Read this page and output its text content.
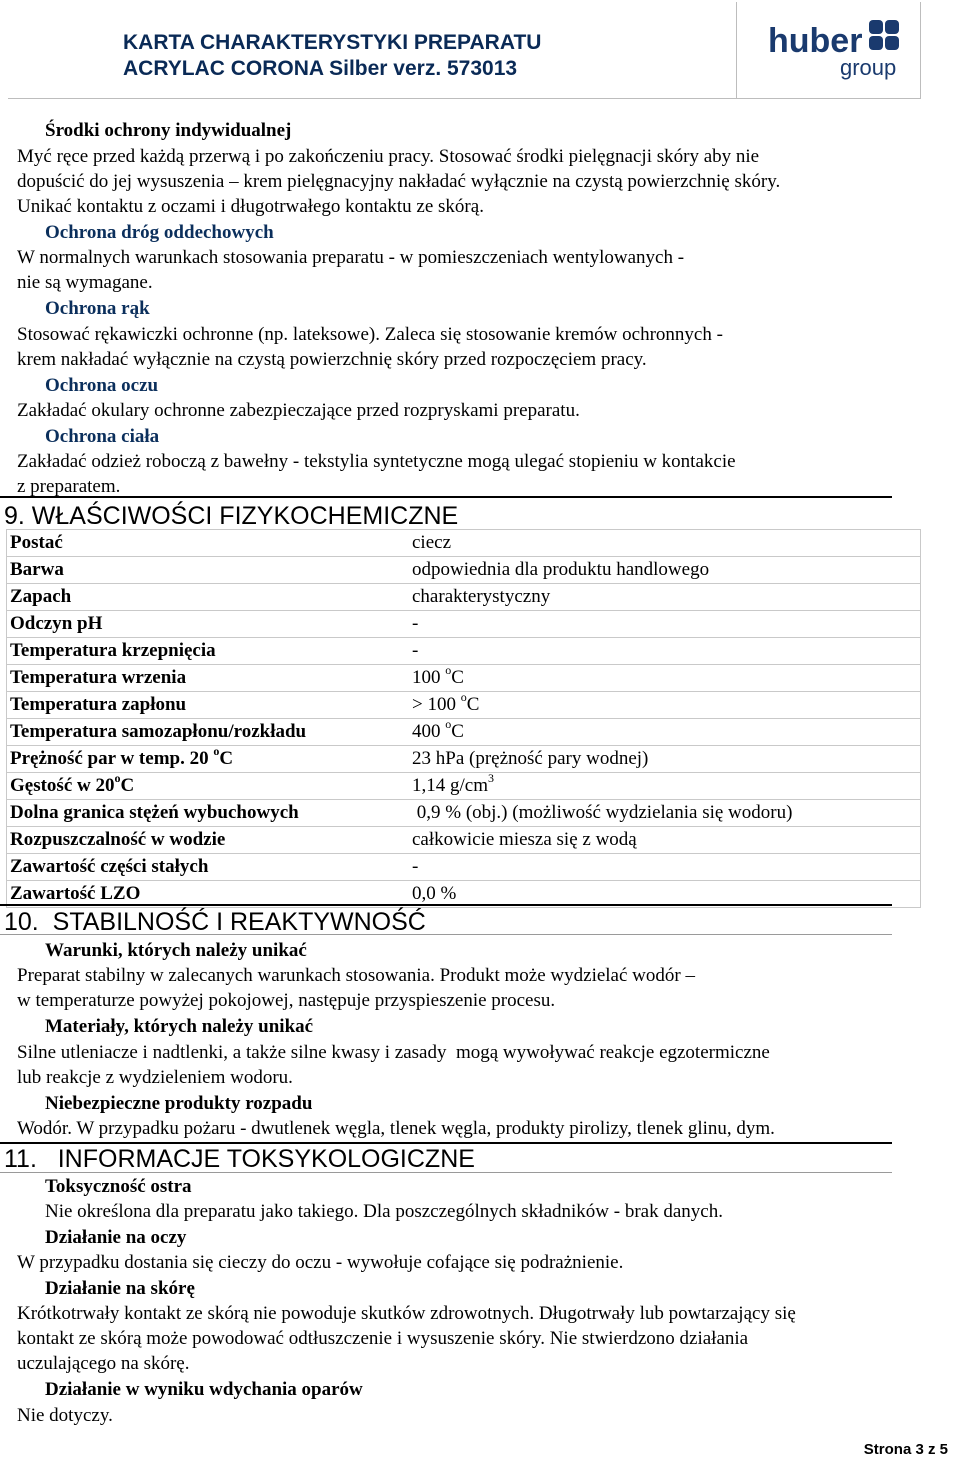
KARTA CHARAKTERYSTYKI PREPARATU
ACRYLAC CORONA Silber verz. 573013
huber
group
Środki ochrony indywidualnej
Myć ręce przed każdą przerwą i po zakończeniu pracy. Stosować środki pielęgnacji skóry aby nie
dopuścić do jej wysuszenia – krem pielęgnacyjny nakładać wyłącznie na czystą powierzchnię skóry.
Unikać kontaktu z oczami i długotrwałego kontaktu ze skórą.
Ochrona dróg oddechowych
W normalnych warunkach stosowania preparatu - w pomieszczeniach wentylowanych -
nie są wymagane.
Ochrona rąk
Stosować rękawiczki ochronne (np. lateksowe). Zaleca się stosowanie kremów ochronnych -
krem nakładać wyłącznie na czystą powierzchnię skóry przed rozpoczęciem pracy.
Ochrona oczu
Zakładać okulary ochronne zabezpieczające przed rozpryskami preparatu.
Ochrona ciała
Zakładać odzież roboczą z bawełny - tekstylia syntetyczne mogą ulegać stopieniu w kontakcie
z preparatem.
9. WŁAŚCIWOŚCI FIZYKOCHEMICZNE
Postać	ciecz
Barwa	odpowiednia dla produktu handlowego
Zapach	charakterystyczny
Odczyn pH	-
Temperatura krzepnięcia	-
Temperatura wrzenia	100 $^o$C
Temperatura zapłonu	> 100 $^o$C
Temperatura samozapłonu/rozkładu	400 $^o$C
Prężność par w temp. 20 $^o$C	23 hPa (prężność pary wodnej)
Gęstość w 20$^o$C	1,14 $g/cm^3$
Dolna granica stężeń wybuchowych	0,9 % (obj.) (możliwość wydzielania się wodoru)
Rozpuszczalność w wodzie	całkowicie miesza się z wodą
Zawartość części stałych	-
Zawartość LZO	0,0 %
10.  STABILNOŚĆ I REAKTYWNOŚĆ
Warunki, których należy unikać
Preparat stabilny w zalecanych warunkach stosowania. Produkt może wydzielać wodór –
w temperaturze powyżej pokojowej, następuje przyspieszenie procesu.
Materiały, których należy unikać
Silne utleniacze i nadtlenki, a także silne kwasy i zasady  mogą wywoływać reakcje egzotermiczne
lub reakcje z wydzieleniem wodoru.
Niebezpieczne produkty rozpadu
Wodór. W przypadku pożaru - dwutlenek węgla, tlenek węgla, produkty pirolizy, tlenek glinu, dym.
11.   INFORMACJE TOKSYKOLOGICZNE
Toksyczność ostra
Nie określona dla preparatu jako takiego. Dla poszczególnych składników - brak danych.
Działanie na oczy
W przypadku dostania się cieczy do oczu - wywołuje cofające się podrażnienie.
Działanie na skórę
Krótkotrwały kontakt ze skórą nie powoduje skutków zdrowotnych. Długotrwały lub powtarzający się
kontakt ze skórą może powodować odtłuszczenie i wysuszenie skóry. Nie stwierdzono działania
uczulającego na skórę.
Działanie w wyniku wdychania oparów
Nie dotyczy.
Strona 3 z 5
